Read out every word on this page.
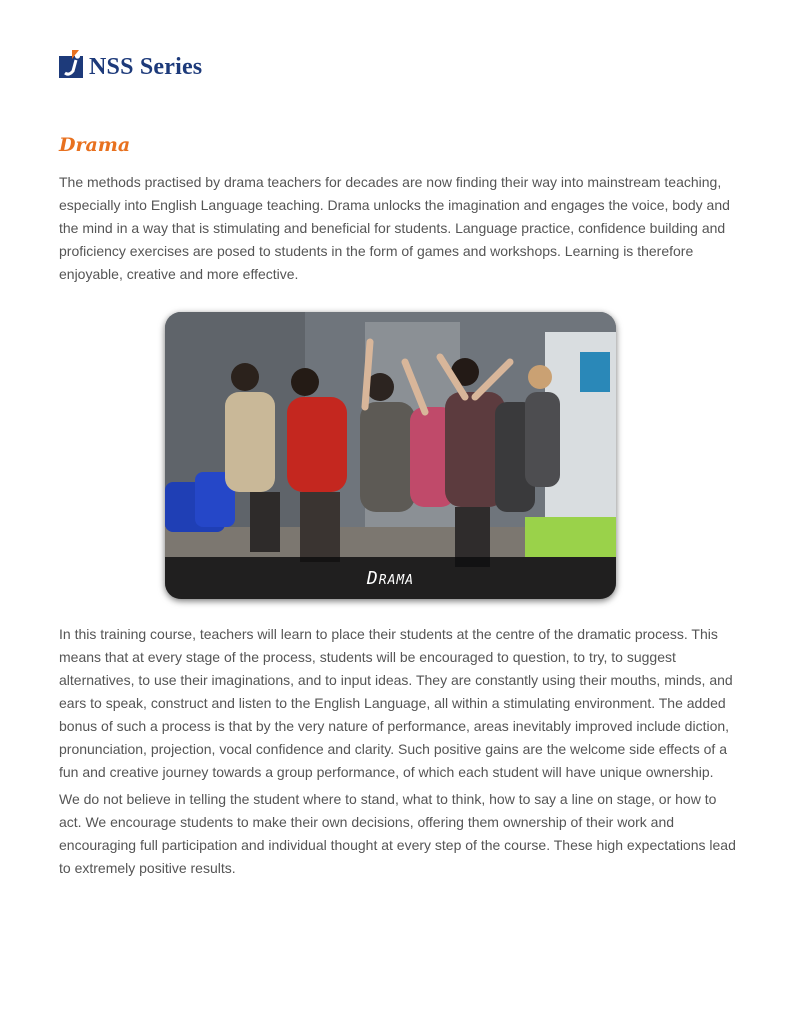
NSS Series
Drama

The methods practised by drama teachers for decades are now finding their way into mainstream teaching, especially into English Language teaching. Drama unlocks the imagination and engages the voice, body and the mind in a way that is stimulating and beneficial for students. Language practice, confidence building and proficiency exercises are posed to students in the form of games and workshops. Learning is therefore enjoyable, creative and more effective.

Drama

In this training course, teachers will learn to place their students at the centre of the dramatic process. This means that at every stage of the process, students will be encouraged to question, to try, to suggest alternatives, to use their imaginations, and to input ideas. They are constantly using their mouths, minds, and ears to speak, construct and listen to the English Language, all within a stimulating environment. The added bonus of such a process is that by the very nature of performance, areas inevitably improved include diction, pronunciation, projection, vocal confidence and clarity. Such positive gains are the welcome side effects of a fun and creative journey towards a group performance, of which each student will have unique ownership.

We do not believe in telling the student where to stand, what to think, how to say a line on stage, or how to act. We encourage students to make their own decisions, offering them ownership of their work and encouraging full participation and individual thought at every step of the course. These high expectations lead to extremely positive results.
